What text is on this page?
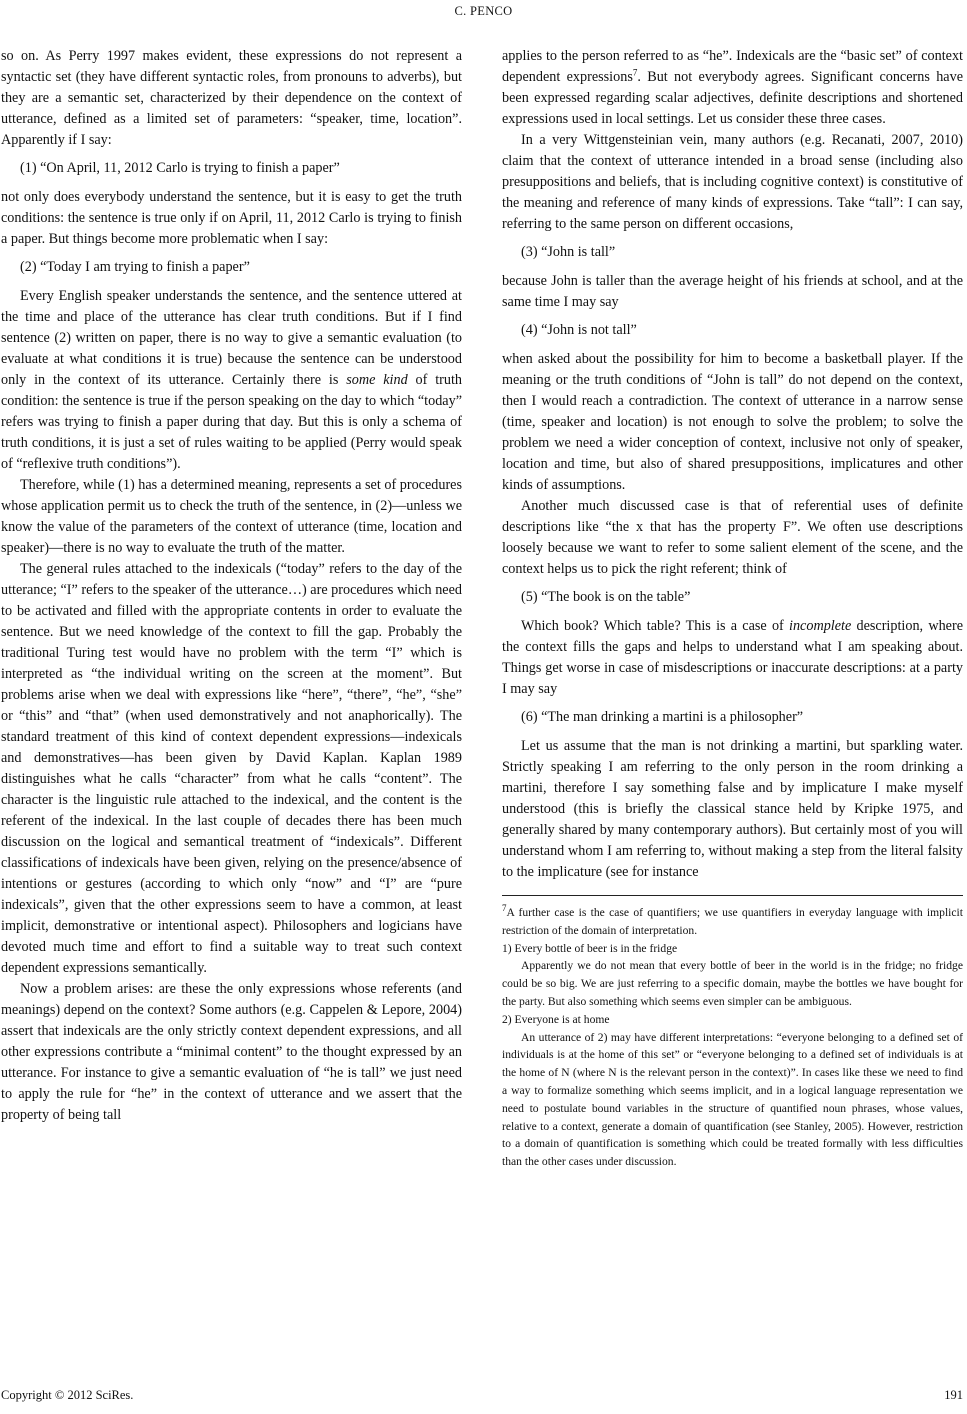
C. PENCO

so on. As Perry 1997 makes evident, these expressions do not represent a syntactic set (they have different syntactic roles, from pronouns to adverbs), but they are a semantic set, characterized by their dependence on the context of utterance, defined as a limited set of parameters: “speaker, time, location”. Apparently if I say:

(1) “On April, 11, 2012 Carlo is trying to finish a paper”

not only does everybody understand the sentence, but it is easy to get the truth conditions: the sentence is true only if on April, 11, 2012 Carlo is trying to finish a paper. But things become more problematic when I say:

(2) “Today I am trying to finish a paper”

Every English speaker understands the sentence, and the sentence uttered at the time and place of the utterance has clear truth conditions. But if I find sentence (2) written on paper, there is no way to give a semantic evaluation (to evaluate at what conditions it is true) because the sentence can be understood only in the context of its utterance. Certainly there is some kind of truth condition: the sentence is true if the person speaking on the day to which “today” refers was trying to finish a paper during that day. But this is only a schema of truth conditions, it is just a set of rules waiting to be applied (Perry would speak of “reflexive truth conditions”).

Therefore, while (1) has a determined meaning, represents a set of procedures whose application permit us to check the truth of the sentence, in (2)—unless we know the value of the parameters of the context of utterance (time, location and speaker)—there is no way to evaluate the truth of the matter.

The general rules attached to the indexicals (“today” refers to the day of the utterance; “I” refers to the speaker of the utterance…) are procedures which need to be activated and filled with the appropriate contents in order to evaluate the sentence. But we need knowledge of the context to fill the gap. Probably the traditional Turing test would have no problem with the term “I” which is interpreted as “the individual writing on the screen at the moment”. But problems arise when we deal with expressions like “here”, “there”, “he”, “she” or “this” and “that” (when used demonstratively and not anaphorically). The standard treatment of this kind of context dependent expressions—indexicals and demonstratives—has been given by David Kaplan. Kaplan 1989 distinguishes what he calls “character” from what he calls “content”. The character is the linguistic rule attached to the indexical, and the content is the referent of the indexical. In the last couple of decades there has been much discussion on the logical and semantical treatment of “indexicals”. Different classifications of indexicals have been given, relying on the presence/absence of intentions or gestures (according to which only “now” and “I” are “pure indexicals”, given that the other expressions seem to have a common, at least implicit, demonstrative or intentional aspect). Philosophers and logicians have devoted much time and effort to find a suitable way to treat such context dependent expressions semantically.

Now a problem arises: are these the only expressions whose referents (and meanings) depend on the context? Some authors (e.g. Cappelen & Lepore, 2004) assert that indexicals are the only strictly context dependent expressions, and all other expressions contribute a “minimal content” to the thought expressed by an utterance. For instance to give a semantic evaluation of “he is tall” we just need to apply the rule for “he” in the context of utterance and we assert that the property of being tall

applies to the person referred to as “he”. Indexicals are the “basic set” of context dependent expressions$^7$. But not everybody agrees. Significant concerns have been expressed regarding scalar adjectives, definite descriptions and shortened expressions used in local settings. Let us consider these three cases.

In a very Wittgensteinian vein, many authors (e.g. Recanati, 2007, 2010) claim that the context of utterance intended in a broad sense (including also presuppositions and beliefs, that is including cognitive context) is constitutive of the meaning and reference of many kinds of expressions. Take “tall”: I can say, referring to the same person on different occasions,

(3) “John is tall”

because John is taller than the average height of his friends at school, and at the same time I may say

(4) “John is not tall”

when asked about the possibility for him to become a basketball player. If the meaning or the truth conditions of “John is tall” do not depend on the context, then I would reach a contradiction. The context of utterance in a narrow sense (time, speaker and location) is not enough to solve the problem; to solve the problem we need a wider conception of context, inclusive not only of speaker, location and time, but also of shared presuppositions, implicatures and other kinds of assumptions.

Another much discussed case is that of referential uses of definite descriptions like “the x that has the property F”. We often use descriptions loosely because we want to refer to some salient element of the scene, and the context helps us to pick the right referent; think of

(5) “The book is on the table”

Which book? Which table? This is a case of incomplete description, where the context fills the gaps and helps to understand what I am speaking about. Things get worse in case of misdescriptions or inaccurate descriptions: at a party I may say

(6) “The man drinking a martini is a philosopher”

Let us assume that the man is not drinking a martini, but sparkling water. Strictly speaking I am referring to the only person in the room drinking a martini, therefore I say something false and by implicature I make myself understood (this is briefly the classical stance held by Kripke 1975, and generally shared by many contemporary authors). But certainly most of you will understand whom I am referring to, without making a step from the literal falsity to the implicature (see for instance

$^7$A further case is the case of quantifiers; we use quantifiers in everyday language with implicit restriction of the domain of interpretation.

1) Every bottle of beer is in the fridge

Apparently we do not mean that every bottle of beer in the world is in the fridge; no fridge could be so big. We are just referring to a specific domain, maybe the bottles we have bought for the party. But also something which seems even simpler can be ambiguous.

2) Everyone is at home

An utterance of 2) may have different interpretations: “everyone belonging to a defined set of individuals is at the home of this set” or “everyone belonging to a defined set of individuals is at the home of N (where N is the relevant person in the context)”. In cases like these we need to find a way to formalize something which seems implicit, and in a logical language representation we need to postulate bound variables in the structure of quantified noun phrases, whose values, relative to a context, generate a domain of quantification (see Stanley, 2005). However, restriction to a domain of quantification is something which could be treated formally with less difficulties than the other cases under discussion.

Copyright © 2012 SciRes.	191
